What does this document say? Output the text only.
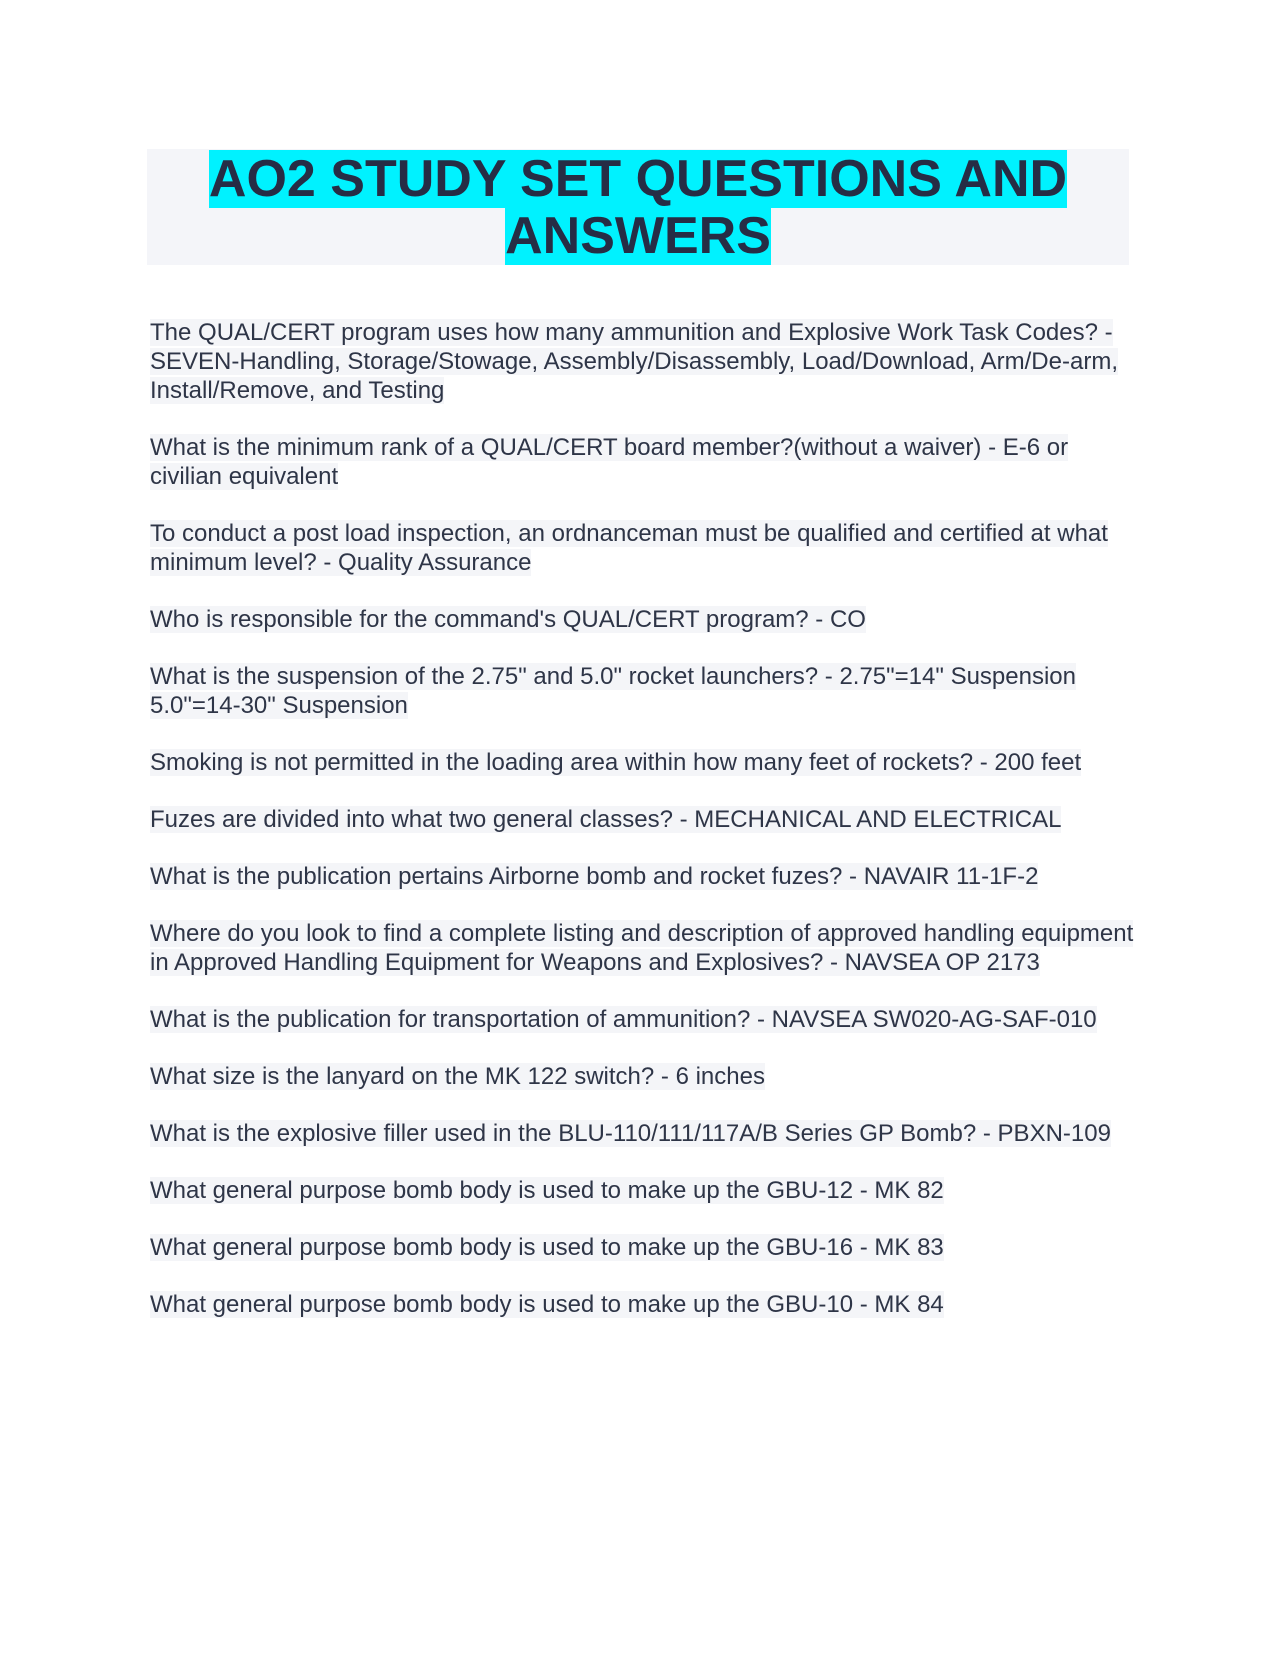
AO2 STUDY SET QUESTIONS AND ANSWERS

The QUAL/CERT program uses how many ammunition and Explosive Work Task Codes? - SEVEN-Handling, Storage/Stowage, Assembly/Disassembly, Load/Download, Arm/De-arm, Install/Remove, and Testing

What is the minimum rank of a QUAL/CERT board member?(without a waiver) - E-6 or civilian equivalent

To conduct a post load inspection, an ordnanceman must be qualified and certified at what minimum level? - Quality Assurance

Who is responsible for the command's QUAL/CERT program? - CO

What is the suspension of the 2.75" and 5.0" rocket launchers? - 2.75"=14" Suspension 5.0"=14-30" Suspension

Smoking is not permitted in the loading area within how many feet of rockets? - 200 feet

Fuzes are divided into what two general classes? - MECHANICAL AND ELECTRICAL

What is the publication pertains Airborne bomb and rocket fuzes? - NAVAIR 11-1F-2

Where do you look to find a complete listing and description of approved handling equipment in Approved Handling Equipment for Weapons and Explosives? - NAVSEA OP 2173

What is the publication for transportation of ammunition? - NAVSEA SW020-AG-SAF-010

What size is the lanyard on the MK 122 switch? - 6 inches

What is the explosive filler used in the BLU-110/111/117A/B Series GP Bomb? - PBXN-109

What general purpose bomb body is used to make up the GBU-12 - MK 82

What general purpose bomb body is used to make up the GBU-16 - MK 83

What general purpose bomb body is used to make up the GBU-10 - MK 84
